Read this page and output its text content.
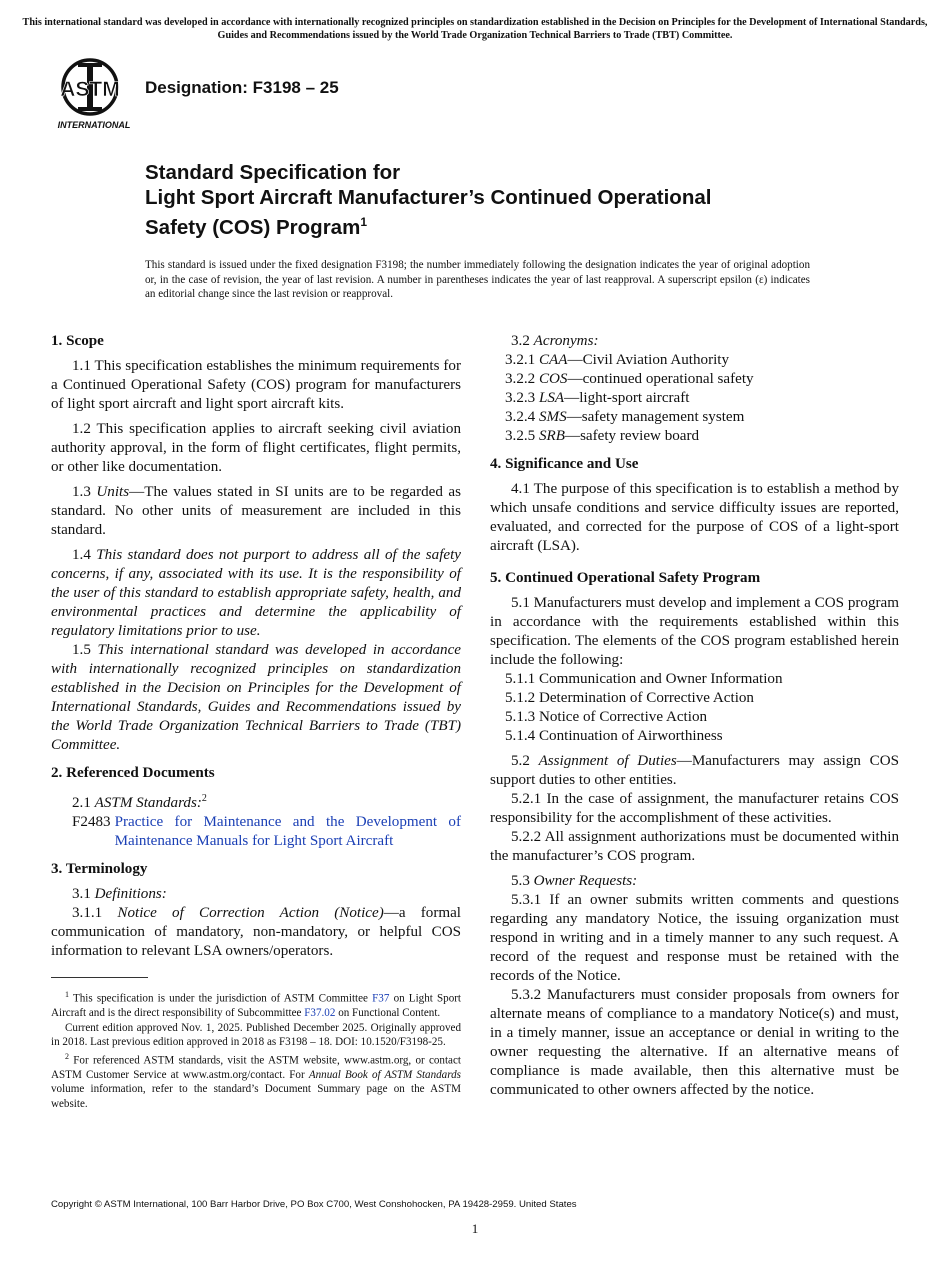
This international standard was developed in accordance with internationally recognized principles on standardization established in the Decision on Principles for the Development of International Standards, Guides and Recommendations issued by the World Trade Organization Technical Barriers to Trade (TBT) Committee.
ASTM
INTERNATIONAL
Designation: F3198 – 25
Standard Specification for
Light Sport Aircraft Manufacturer’s Continued Operational
Safety (COS) Program$^1$
This standard is issued under the fixed designation F3198; the number immediately following the designation indicates the year of original adoption or, in the case of revision, the year of last revision. A number in parentheses indicates the year of last reapproval. A superscript epsilon (ε) indicates an editorial change since the last revision or reapproval.
1. Scope

1.1 This specification establishes the minimum requirements for a Continued Operational Safety (COS) program for manufacturers of light sport aircraft and light sport aircraft kits.

1.2 This specification applies to aircraft seeking civil aviation authority approval, in the form of flight certificates, flight permits, or other like documentation.

1.3 Units—The values stated in SI units are to be regarded as standard. No other units of measurement are included in this standard.

1.4 This standard does not purport to address all of the safety concerns, if any, associated with its use. It is the responsibility of the user of this standard to establish appropriate safety, health, and environmental practices and determine the applicability of regulatory limitations prior to use.

1.5 This international standard was developed in accordance with internationally recognized principles on standardization established in the Decision on Principles for the Development of International Standards, Guides and Recommendations issued by the World Trade Organization Technical Barriers to Trade (TBT) Committee.

2. Referenced Documents

2.1 ASTM Standards:$^2$

F2483 Practice for Maintenance and the Development of Maintenance Manuals for Light Sport Aircraft
3. Terminology

3.1 Definitions:

3.1.1 Notice of Correction Action (Notice)—a formal communication of mandatory, non-mandatory, or helpful COS information to relevant LSA owners/operators.

$^1$ This specification is under the jurisdiction of ASTM Committee F37 on Light Sport Aircraft and is the direct responsibility of Subcommittee F37.02 on Functional Content.

Current edition approved Nov. 1, 2025. Published December 2025. Originally approved in 2018. Last previous edition approved in 2018 as F3198 – 18. DOI: 10.1520/F3198-25.

$^2$ For referenced ASTM standards, visit the ASTM website, www.astm.org, or contact ASTM Customer Service at www.astm.org/contact. For Annual Book of ASTM Standards volume information, refer to the standard’s Document Summary page on the ASTM website.

3.2 Acronyms:

3.2.1 CAA—Civil Aviation Authority

3.2.2 COS—continued operational safety

3.2.3 LSA—light-sport aircraft

3.2.4 SMS—safety management system

3.2.5 SRB—safety review board

4. Significance and Use

4.1 The purpose of this specification is to establish a method by which unsafe conditions and service difficulty issues are reported, evaluated, and corrected for the purpose of COS of a light-sport aircraft (LSA).

5. Continued Operational Safety Program

5.1 Manufacturers must develop and implement a COS program in accordance with the requirements established within this specification. The elements of the COS program established herein include the following:

5.1.1 Communication and Owner Information

5.1.2 Determination of Corrective Action

5.1.3 Notice of Corrective Action

5.1.4 Continuation of Airworthiness

5.2 Assignment of Duties—Manufacturers may assign COS support duties to other entities.

5.2.1 In the case of assignment, the manufacturer retains COS responsibility for the accomplishment of these activities.

5.2.2 All assignment authorizations must be documented within the manufacturer’s COS program.

5.3 Owner Requests:

5.3.1 If an owner submits written comments and questions regarding any mandatory Notice, the issuing organization must respond in writing and in a timely manner to any such request. A record of the request and response must be retained with the records of the Notice.

5.3.2 Manufacturers must consider proposals from owners for alternate means of compliance to a mandatory Notice(s) and must, in a timely manner, issue an acceptance or denial in writing to the owner requesting the alternative. If an alternative means of compliance is made available, then this alternative must be communicated to other owners affected by the notice.

Copyright © ASTM International, 100 Barr Harbor Drive, PO Box C700, West Conshohocken, PA 19428-2959. United States
1
